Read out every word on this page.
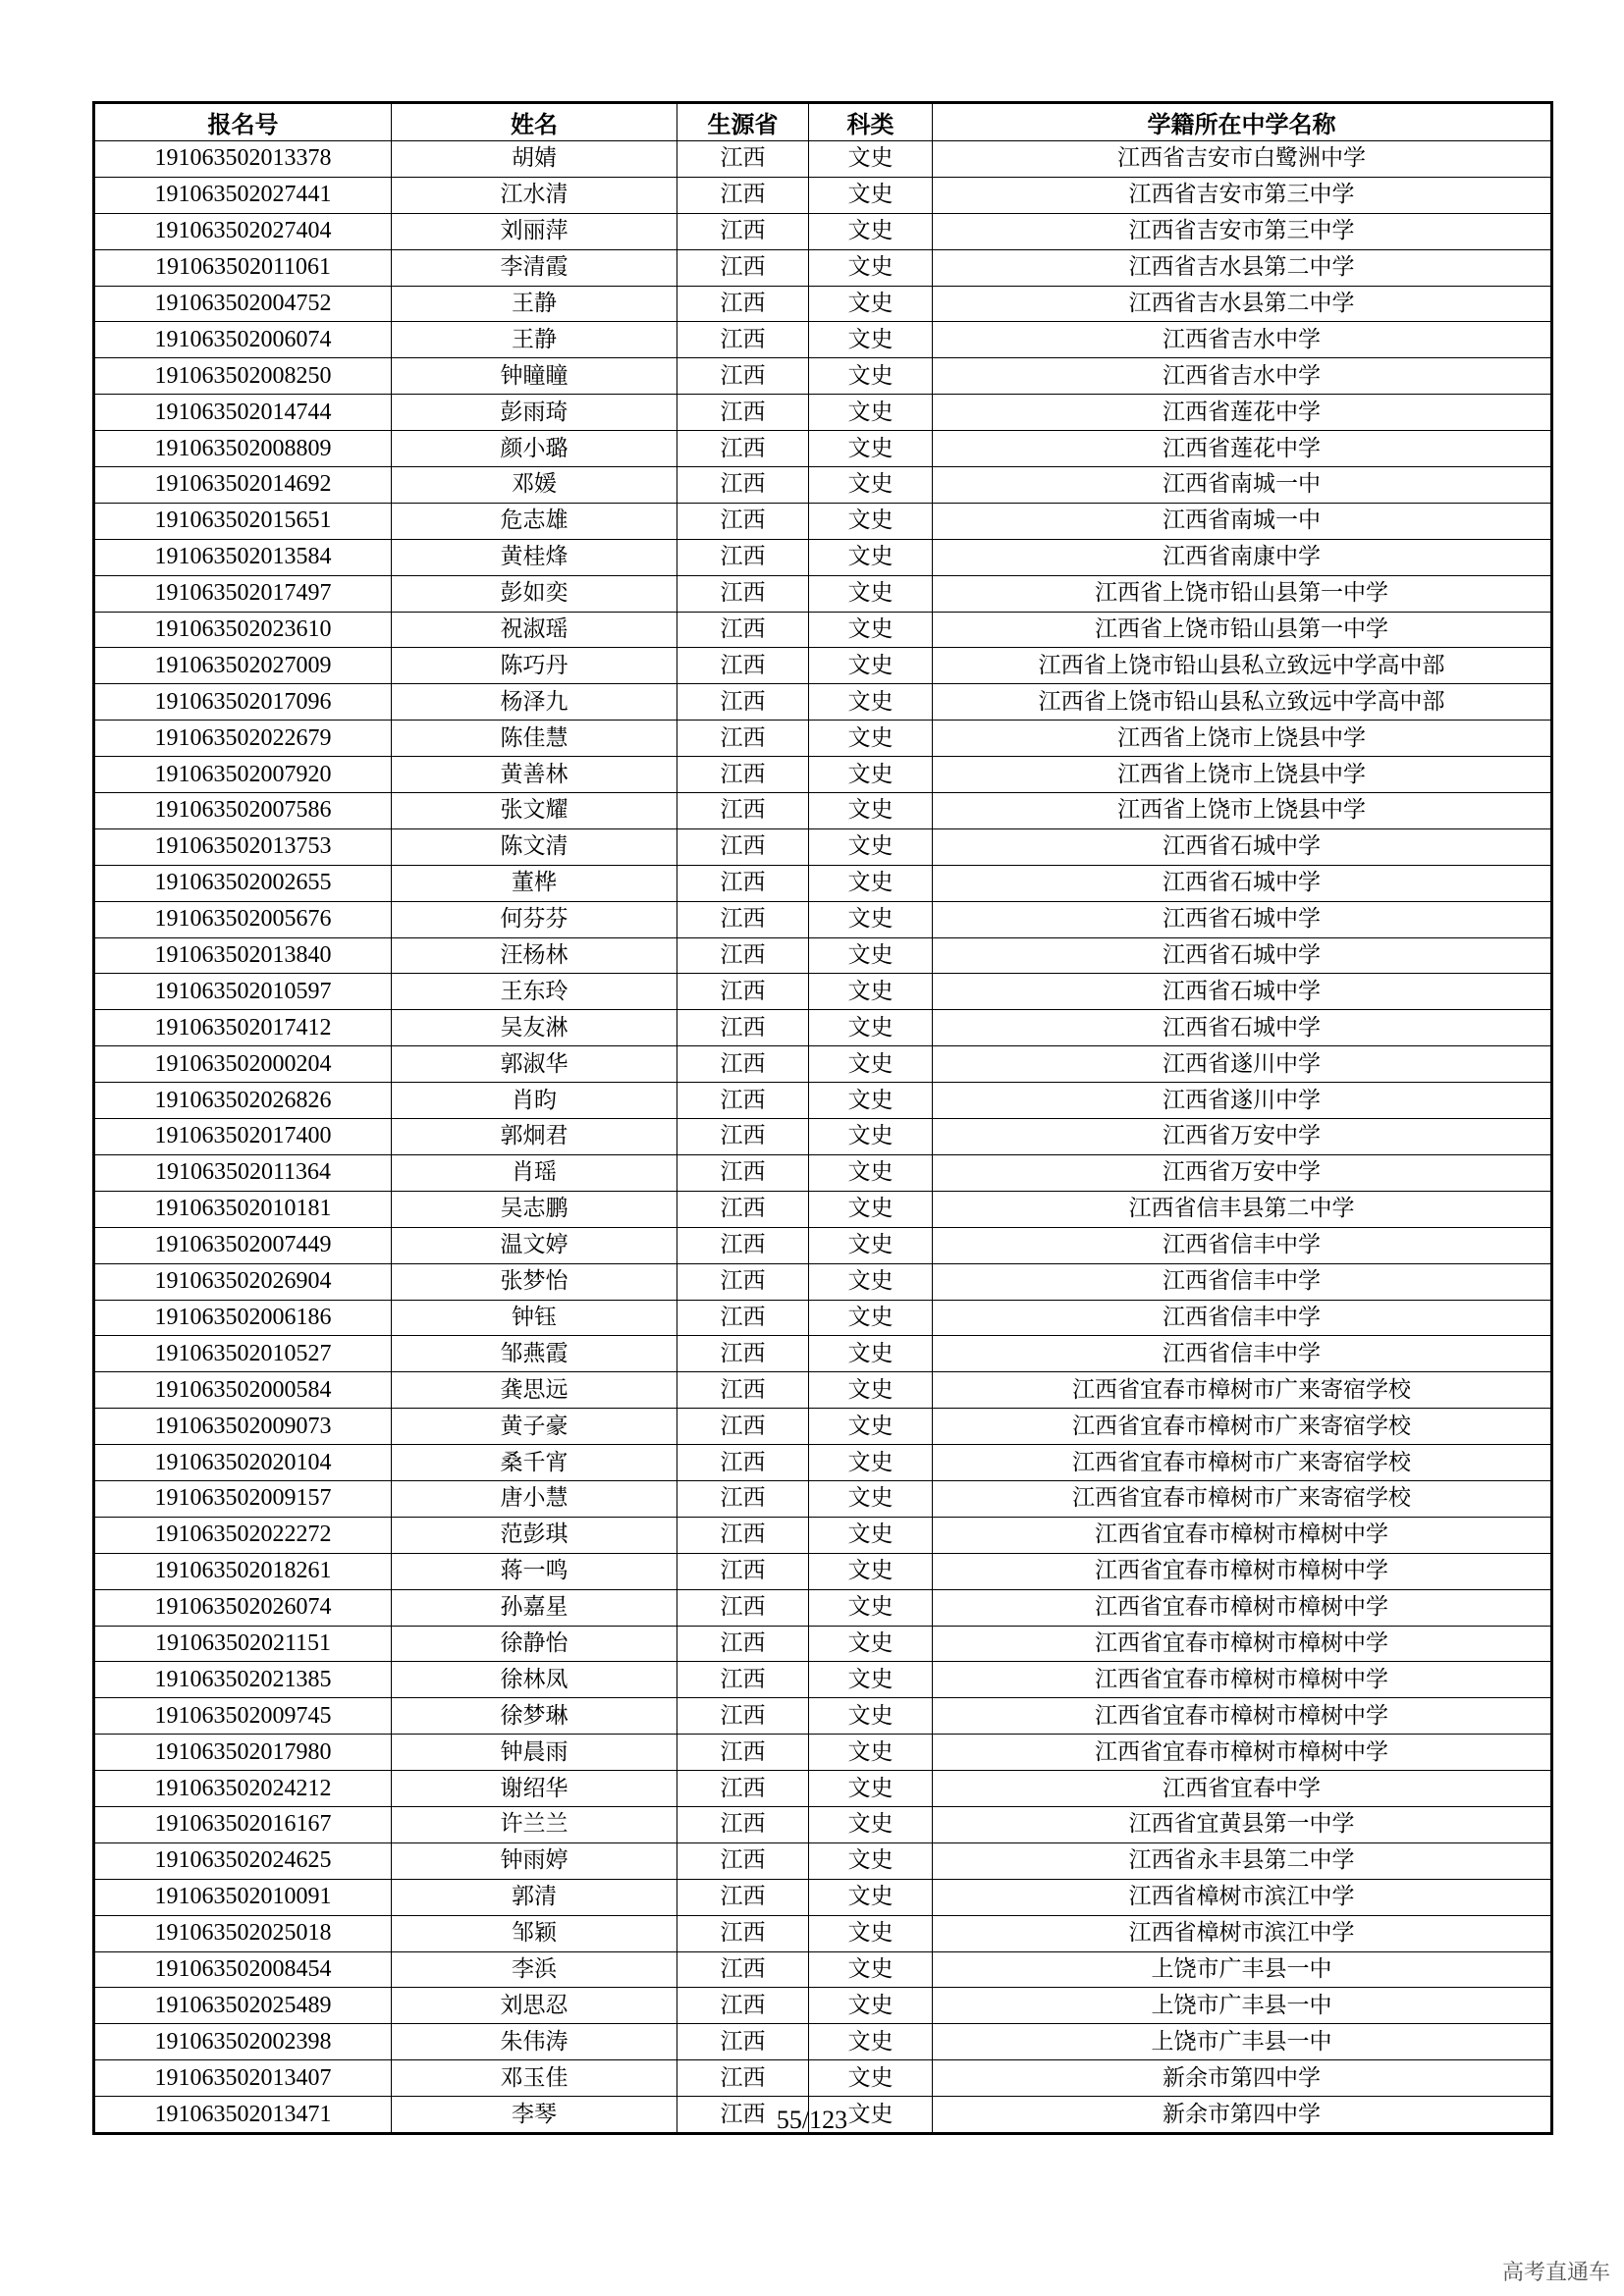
报名号	姓名	生源省	科类	学籍所在中学名称
191063502013378	胡婧	江西	文史	江西省吉安市白鹭洲中学
191063502027441	江水清	江西	文史	江西省吉安市第三中学
191063502027404	刘丽萍	江西	文史	江西省吉安市第三中学
191063502011061	李清霞	江西	文史	江西省吉水县第二中学
191063502004752	王静	江西	文史	江西省吉水县第二中学
191063502006074	王静	江西	文史	江西省吉水中学
191063502008250	钟瞳瞳	江西	文史	江西省吉水中学
191063502014744	彭雨琦	江西	文史	江西省莲花中学
191063502008809	颜小璐	江西	文史	江西省莲花中学
191063502014692	邓媛	江西	文史	江西省南城一中
191063502015651	危志雄	江西	文史	江西省南城一中
191063502013584	黄桂烽	江西	文史	江西省南康中学
191063502017497	彭如奕	江西	文史	江西省上饶市铅山县第一中学
191063502023610	祝淑瑶	江西	文史	江西省上饶市铅山县第一中学
191063502027009	陈巧丹	江西	文史	江西省上饶市铅山县私立致远中学高中部
191063502017096	杨泽九	江西	文史	江西省上饶市铅山县私立致远中学高中部
191063502022679	陈佳慧	江西	文史	江西省上饶市上饶县中学
191063502007920	黄善林	江西	文史	江西省上饶市上饶县中学
191063502007586	张文耀	江西	文史	江西省上饶市上饶县中学
191063502013753	陈文清	江西	文史	江西省石城中学
191063502002655	董桦	江西	文史	江西省石城中学
191063502005676	何芬芬	江西	文史	江西省石城中学
191063502013840	汪杨林	江西	文史	江西省石城中学
191063502010597	王东玲	江西	文史	江西省石城中学
191063502017412	吴友淋	江西	文史	江西省石城中学
191063502000204	郭淑华	江西	文史	江西省遂川中学
191063502026826	肖昀	江西	文史	江西省遂川中学
191063502017400	郭炯君	江西	文史	江西省万安中学
191063502011364	肖瑶	江西	文史	江西省万安中学
191063502010181	吴志鹏	江西	文史	江西省信丰县第二中学
191063502007449	温文婷	江西	文史	江西省信丰中学
191063502026904	张梦怡	江西	文史	江西省信丰中学
191063502006186	钟钰	江西	文史	江西省信丰中学
191063502010527	邹燕霞	江西	文史	江西省信丰中学
191063502000584	龚思远	江西	文史	江西省宜春市樟树市广来寄宿学校
191063502009073	黄子豪	江西	文史	江西省宜春市樟树市广来寄宿学校
191063502020104	桑千宵	江西	文史	江西省宜春市樟树市广来寄宿学校
191063502009157	唐小慧	江西	文史	江西省宜春市樟树市广来寄宿学校
191063502022272	范彭琪	江西	文史	江西省宜春市樟树市樟树中学
191063502018261	蒋一鸣	江西	文史	江西省宜春市樟树市樟树中学
191063502026074	孙嘉星	江西	文史	江西省宜春市樟树市樟树中学
191063502021151	徐静怡	江西	文史	江西省宜春市樟树市樟树中学
191063502021385	徐林凤	江西	文史	江西省宜春市樟树市樟树中学
191063502009745	徐梦琳	江西	文史	江西省宜春市樟树市樟树中学
191063502017980	钟晨雨	江西	文史	江西省宜春市樟树市樟树中学
191063502024212	谢绍华	江西	文史	江西省宜春中学
191063502016167	许兰兰	江西	文史	江西省宜黄县第一中学
191063502024625	钟雨婷	江西	文史	江西省永丰县第二中学
191063502010091	郭清	江西	文史	江西省樟树市滨江中学
191063502025018	邹颖	江西	文史	江西省樟树市滨江中学
191063502008454	李浜	江西	文史	上饶市广丰县一中
191063502025489	刘思忍	江西	文史	上饶市广丰县一中
191063502002398	朱伟涛	江西	文史	上饶市广丰县一中
191063502013407	邓玉佳	江西	文史	新余市第四中学
191063502013471	李琴	江西	文史	新余市第四中学
55/123
高考直通车
